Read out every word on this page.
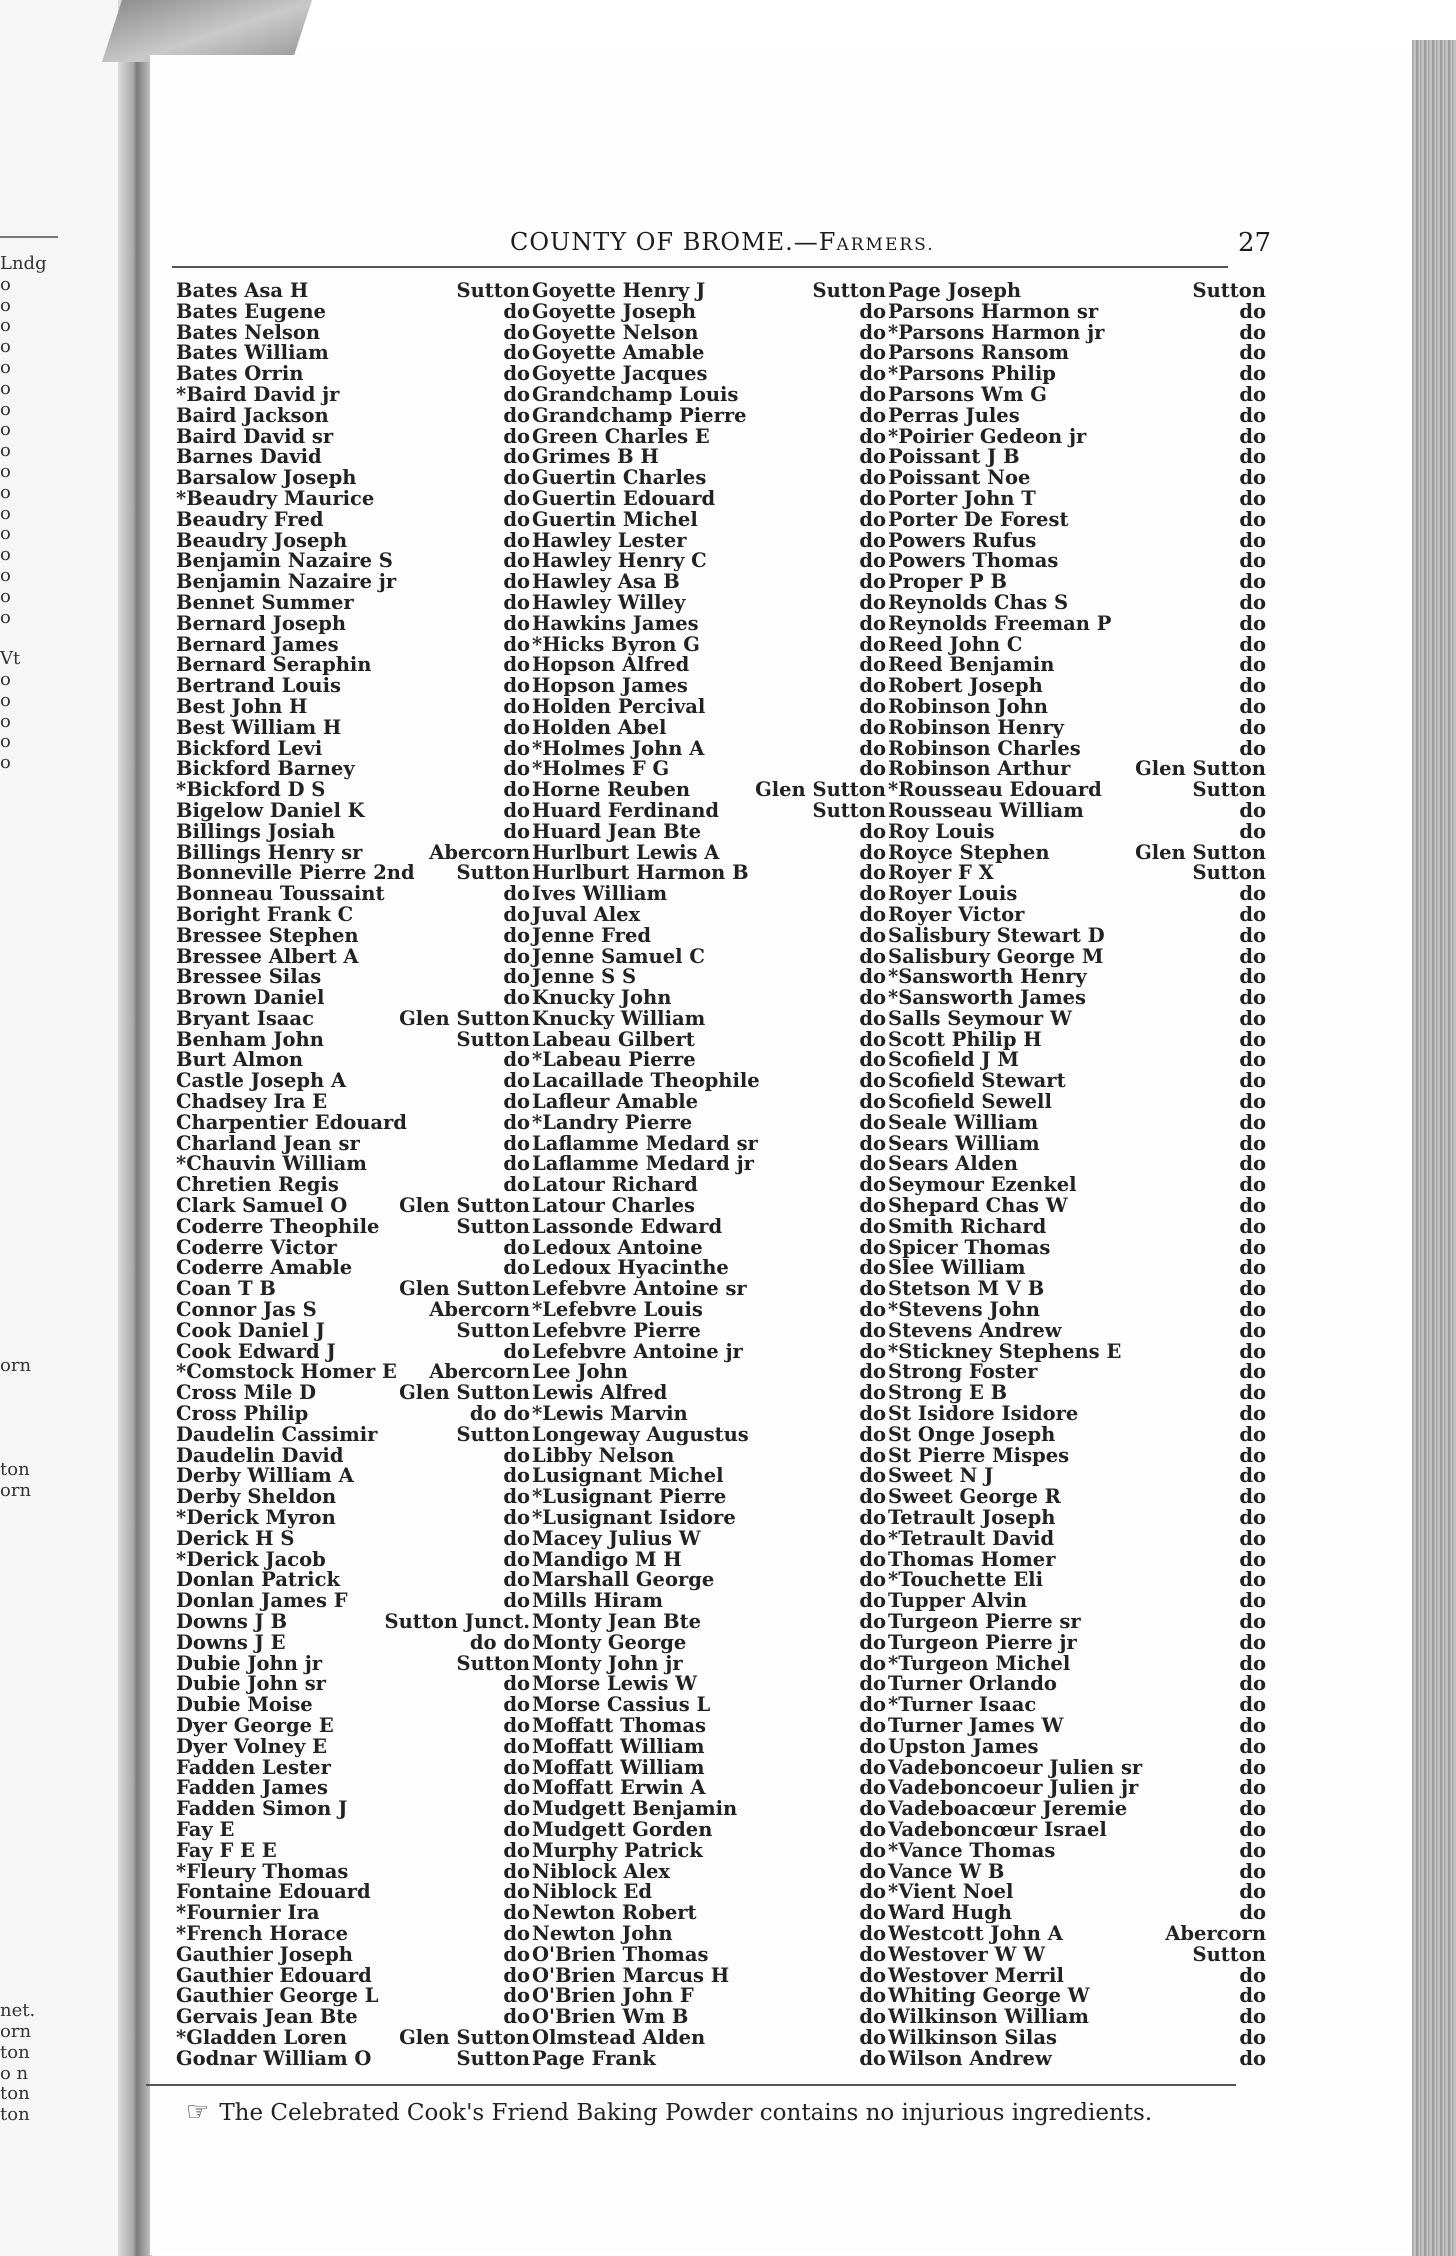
Lndg
o
o
o
o
o
o
o
o
o
o
o
o
o
o
o
o
o
Vt
o
o
o
o
o
orn
ton
orn
net.
orn
ton
o n
ton
ton
COUNTY OF BROME.—FARMERS.	27
Bates Asa H	Sutton
Bates Eugene	do
Bates Nelson	do
Bates William	do
Bates Orrin	do
*Baird David jr	do
Baird Jackson	do
Baird David sr	do
Barnes David	do
Barsalow Joseph	do
*Beaudry Maurice	do
Beaudry Fred	do
Beaudry Joseph	do
Benjamin Nazaire S	do
Benjamin Nazaire jr	do
Bennet Summer	do
Bernard Joseph	do
Bernard James	do
Bernard Seraphin	do
Bertrand Louis	do
Best John H	do
Best William H	do
Bickford Levi	do
Bickford Barney	do
*Bickford D S	do
Bigelow Daniel K	do
Billings Josiah	do
Billings Henry sr	Abercorn
Bonneville Pierre 2nd Sutton
Bonneau Toussaint	do
Boright Frank C	do
Bressee Stephen	do
Bressee Albert A	do
Bressee Silas	do
Brown Daniel	do
Bryant Isaac	Glen Sutton
Benham John	Sutton
Burt Almon	do
Castle Joseph A	do
Chadsey Ira E	do
Charpentier Edouard	do
Charland Jean sr	do
*Chauvin William	do
Chretien Regis	do
Clark Samuel O	Glen Sutton
Coderre Theophile	Sutton
Coderre Victor	do
Coderre Amable	do
Coan T B	Glen Sutton
Connor Jas S	Abercorn
Cook Daniel J	Sutton
Cook Edward J	do
*Comstock Homer E Abercorn
Cross Mile D	Glen Sutton
Cross Philip	do do
Daudelin Cassimir	Sutton
Daudelin David	do
Derby William A	do
Derby Sheldon	do
*Derick Myron	do
Derick H S	do
*Derick Jacob	do
Donlan Patrick	do
Donlan James F	do
Downs J B	Sutton Junct.
Downs J E	do do
Dubie John jr	Sutton
Dubie John sr	do
Dubie Moise	do
Dyer George E	do
Dyer Volney E	do
Fadden Lester	do
Fadden James	do
Fadden Simon J	do
Fay E	do
Fay F E E	do
*Fleury Thomas	do
Fontaine Edouard	do
*Fournier Ira	do
*French Horace	do
Gauthier Joseph	do
Gauthier Edouard	do
Gauthier George L	do
Gervais Jean Bte	do
*Gladden Loren	Glen Sutton
Godnar William O	Sutton
Goyette Henry J	Sutton
Goyette Joseph	do
Goyette Nelson	do
Goyette Amable	do
Goyette Jacques	do
Grandchamp Louis	do
Grandchamp Pierre	do
Green Charles E	do
Grimes B H	do
Guertin Charles	do
Guertin Edouard	do
Guertin Michel	do
Hawley Lester	do
Hawley Henry C	do
Hawley Asa B	do
Hawley Willey	do
Hawkins James	do
*Hicks Byron G	do
Hopson Alfred	do
Hopson James	do
Holden Percival	do
Holden Abel	do
*Holmes John A	do
*Holmes F G	do
Horne Reuben	Glen Sutton
Huard Ferdinand	Sutton
Huard Jean Bte	do
Hurlburt Lewis A	do
Hurlburt Harmon B	do
Ives William	do
Juval Alex	do
Jenne Fred	do
Jenne Samuel C	do
Jenne S S	do
Knucky John	do
Knucky William	do
Labeau Gilbert	do
*Labeau Pierre	do
Lacaillade Theophile	do
Lafleur Amable	do
*Landry Pierre	do
Laflamme Medard sr	do
Laflamme Medard jr	do
Latour Richard	do
Latour Charles	do
Lassonde Edward	do
Ledoux Antoine	do
Ledoux Hyacinthe	do
Lefebvre Antoine sr	do
*Lefebvre Louis	do
Lefebvre Pierre	do
Lefebvre Antoine jr	do
Lee John	do
Lewis Alfred	do
*Lewis Marvin	do
Longeway Augustus	do
Libby Nelson	do
Lusignant Michel	do
*Lusignant Pierre	do
*Lusignant Isidore	do
Macey Julius W	do
Mandigo M H	do
Marshall George	do
Mills Hiram	do
Monty Jean Bte	do
Monty George	do
Monty John jr	do
Morse Lewis W	do
Morse Cassius L	do
Moffatt Thomas	do
Moffatt William	do
Moffatt William	do
Moffatt Erwin A	do
Mudgett Benjamin	do
Mudgett Gorden	do
Murphy Patrick	do
Niblock Alex	do
Niblock Ed	do
Newton Robert	do
Newton John	do
O'Brien Thomas	do
O'Brien Marcus H	do
O'Brien John F	do
O'Brien Wm B	do
Olmstead Alden	do
Page Frank	do
Page Joseph	Sutton
Parsons Harmon sr	do
*Parsons Harmon jr	do
Parsons Ransom	do
*Parsons Philip	do
Parsons Wm G	do
Perras Jules	do
*Poirier Gedeon jr	do
Poissant J B	do
Poissant Noe	do
Porter John T	do
Porter De Forest	do
Powers Rufus	do
Powers Thomas	do
Proper P B	do
Reynolds Chas S	do
Reynolds Freeman P	do
Reed John C	do
Reed Benjamin	do
Robert Joseph	do
Robinson John	do
Robinson Henry	do
Robinson Charles	do
Robinson Arthur	Glen Sutton
*Rousseau Edouard	Sutton
Rousseau William	do
Roy Louis	do
Royce Stephen	Glen Sutton
Royer F X	Sutton
Royer Louis	do
Royer Victor	do
Salisbury Stewart D	do
Salisbury George M	do
*Sansworth Henry	do
*Sansworth James	do
Salls Seymour W	do
Scott Philip H	do
Scofield J M	do
Scofield Stewart	do
Scofield Sewell	do
Seale William	do
Sears William	do
Sears Alden	do
Seymour Ezenkel	do
Shepard Chas W	do
Smith Richard	do
Spicer Thomas	do
Slee William	do
Stetson M V B	do
*Stevens John	do
Stevens Andrew	do
*Stickney Stephens E	do
Strong Foster	do
Strong E B	do
St Isidore Isidore	do
St Onge Joseph	do
St Pierre Mispes	do
Sweet N J	do
Sweet George R	do
Tetrault Joseph	do
*Tetrault David	do
Thomas Homer	do
*Touchette Eli	do
Tupper Alvin	do
Turgeon Pierre sr	do
Turgeon Pierre jr	do
*Turgeon Michel	do
Turner Orlando	do
*Turner Isaac	do
Turner James W	do
Upston James	do
Vadeboncoeur Julien sr	do
Vadeboncoeur Julien jr	do
Vadeboacœur Jeremie	do
Vadeboncœur Israel	do
*Vance Thomas	do
Vance W B	do
*Vient Noel	do
Ward Hugh	do
Westcott John A	Abercorn
Westover W W	Sutton
Westover Merril	do
Whiting George W	do
Wilkinson William	do
Wilkinson Silas	do
Wilson Andrew	do
☞ The Celebrated Cook's Friend Baking Powder contains no injurious ingredients.
